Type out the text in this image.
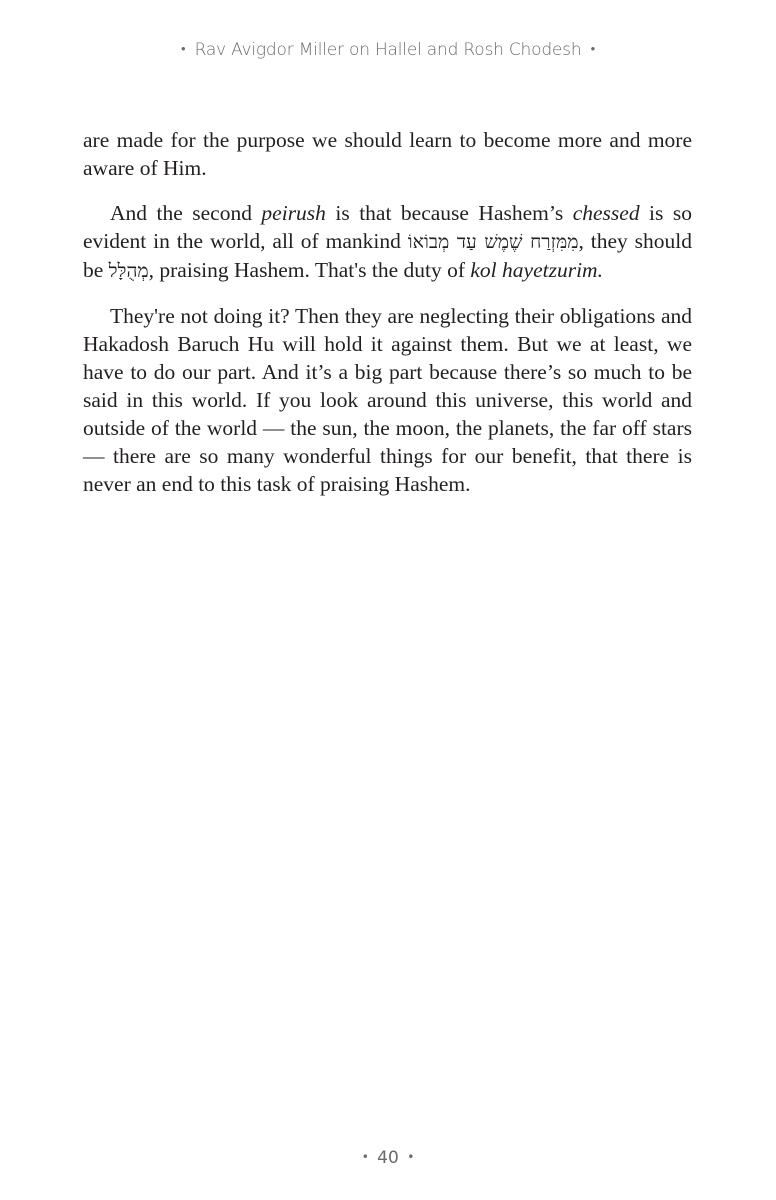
• Rav Avigdor Miller on Hallel and Rosh Chodesh •

are made for the purpose we should learn to become more and more aware of Him.

And the second peirush is that because Hashem’s chessed is so evident in the world, all of mankind מִמִּזְרַח שֶׁמֶשׁ עַד מְבוֹאוֹ, they should be מְהֻלָּל, praising Hashem. That's the duty of kol hayetzurim.

They're not doing it? Then they are neglecting their obligations and Hakadosh Baruch Hu will hold it against them. But we at least, we have to do our part. And it’s a big part because there’s so much to be said in this world. If you look around this universe, this world and outside of the world — the sun, the moon, the planets, the far off stars — there are so many wonderful things for our benefit, that there is never an end to this task of praising Hashem.

• 40 •
